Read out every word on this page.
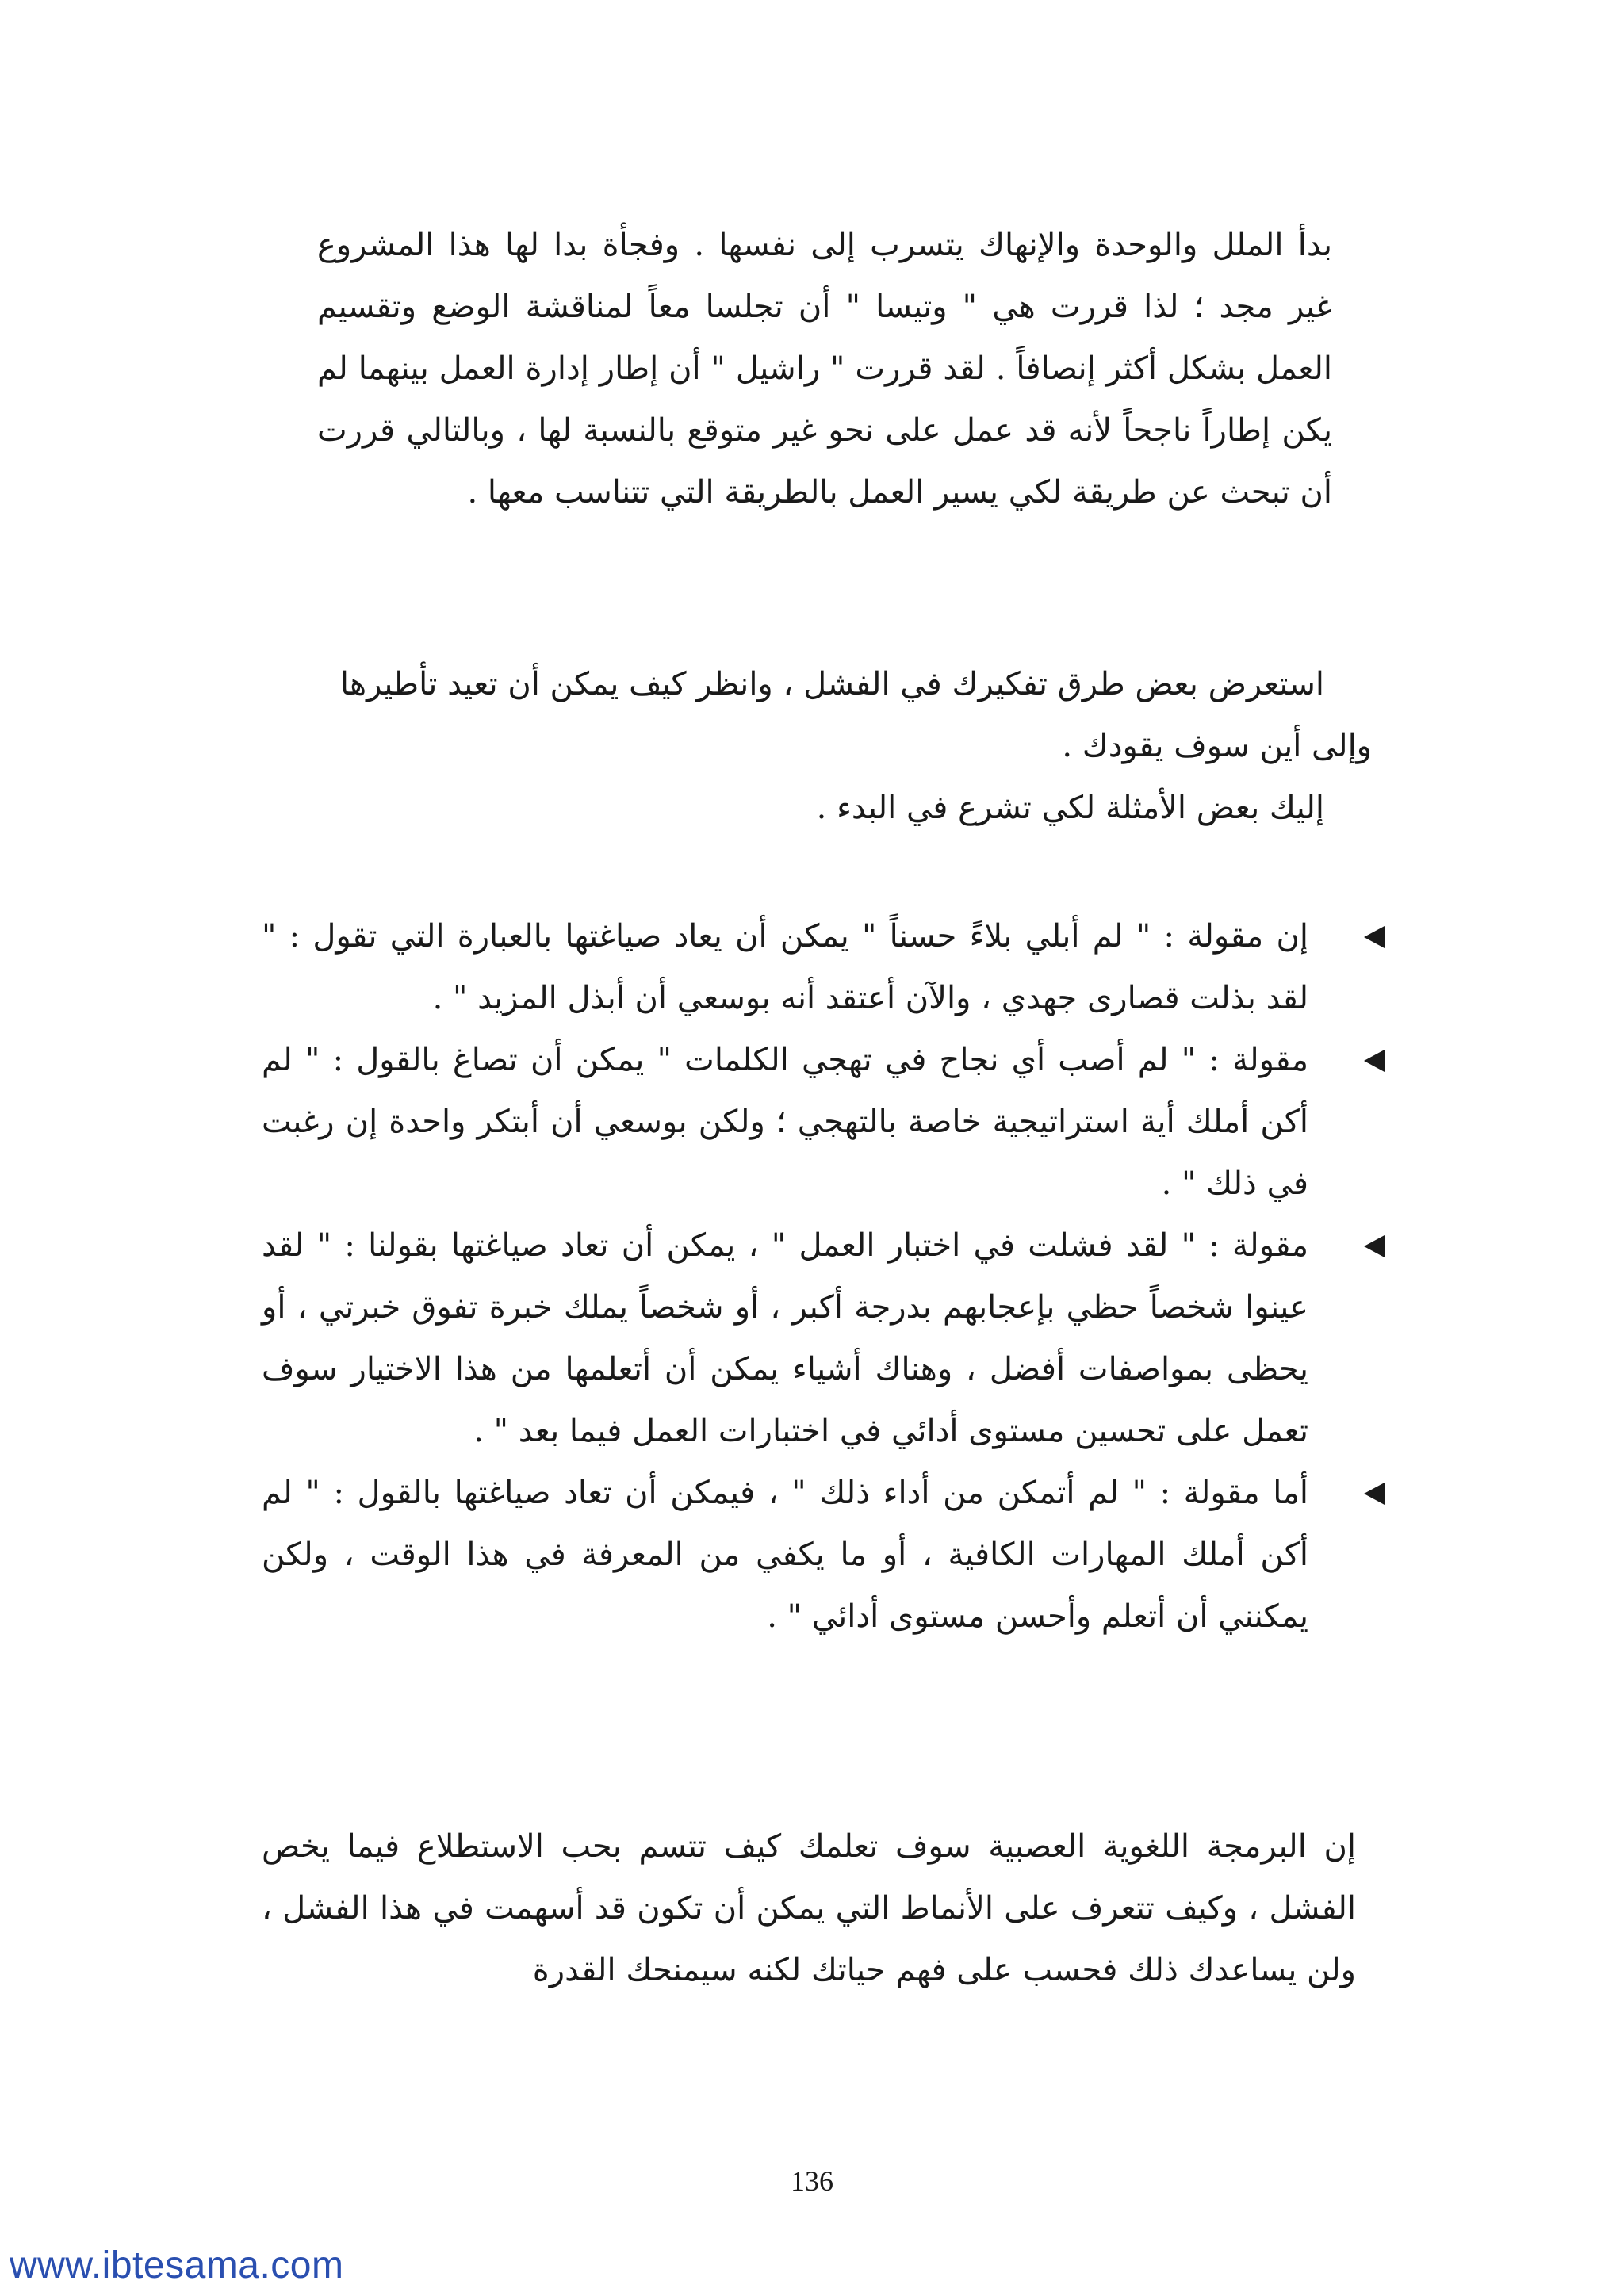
بدأ الملل والوحدة والإنهاك يتسرب إلى نفسها . وفجأة بدا لها هذا المشروع غير مجد ؛ لذا قررت هي " وتيسا " أن تجلسا معاً لمناقشة الوضع وتقسيم العمل بشكل أكثر إنصافاً . لقد قررت " راشيل " أن إطار إدارة العمل بينهما لم يكن إطاراً ناجحاً لأنه قد عمل على نحو غير متوقع بالنسبة لها ، وبالتالي قررت أن تبحث عن طريقة لكي يسير العمل بالطريقة التي تتناسب معها .

استعرض بعض طرق تفكيرك في الفشل ، وانظر كيف يمكن أن تعيد تأطيرها
وإلى أين سوف يقودك .
إليك بعض الأمثلة لكي تشرع في البدء .

إن مقولة : " لم أبلي بلاءً حسناً " يمكن أن يعاد صياغتها بالعبارة التي تقول : " لقد بذلت قصارى جهدي ، والآن أعتقد أنه بوسعي أن أبذل المزيد " .
مقولة : " لم أصب أي نجاح في تهجي الكلمات " يمكن أن تصاغ بالقول : " لم أكن أملك أية استراتيجية خاصة بالتهجي ؛ ولكن بوسعي أن أبتكر واحدة إن رغبت في ذلك " .
مقولة : " لقد فشلت في اختبار العمل " ، يمكن أن تعاد صياغتها بقولنا : " لقد عينوا شخصاً حظي بإعجابهم بدرجة أكبر ، أو شخصاً يملك خبرة تفوق خبرتي ، أو يحظى بمواصفات أفضل ، وهناك أشياء يمكن أن أتعلمها من هذا الاختيار سوف تعمل على تحسين مستوى أدائي في اختبارات العمل فيما بعد " .
أما مقولة : " لم أتمكن من أداء ذلك " ، فيمكن أن تعاد صياغتها بالقول : " لم أكن أملك المهارات الكافية ، أو ما يكفي من المعرفة في هذا الوقت ، ولكن يمكنني أن أتعلم وأحسن مستوى أدائي " .

إن البرمجة اللغوية العصبية سوف تعلمك كيف تتسم بحب الاستطلاع فيما يخص الفشل ، وكيف تتعرف على الأنماط التي يمكن أن تكون قد أسهمت في هذا الفشل ، ولن يساعدك ذلك فحسب على فهم حياتك لكنه سيمنحك القدرة

136

www.ibtesama.com
